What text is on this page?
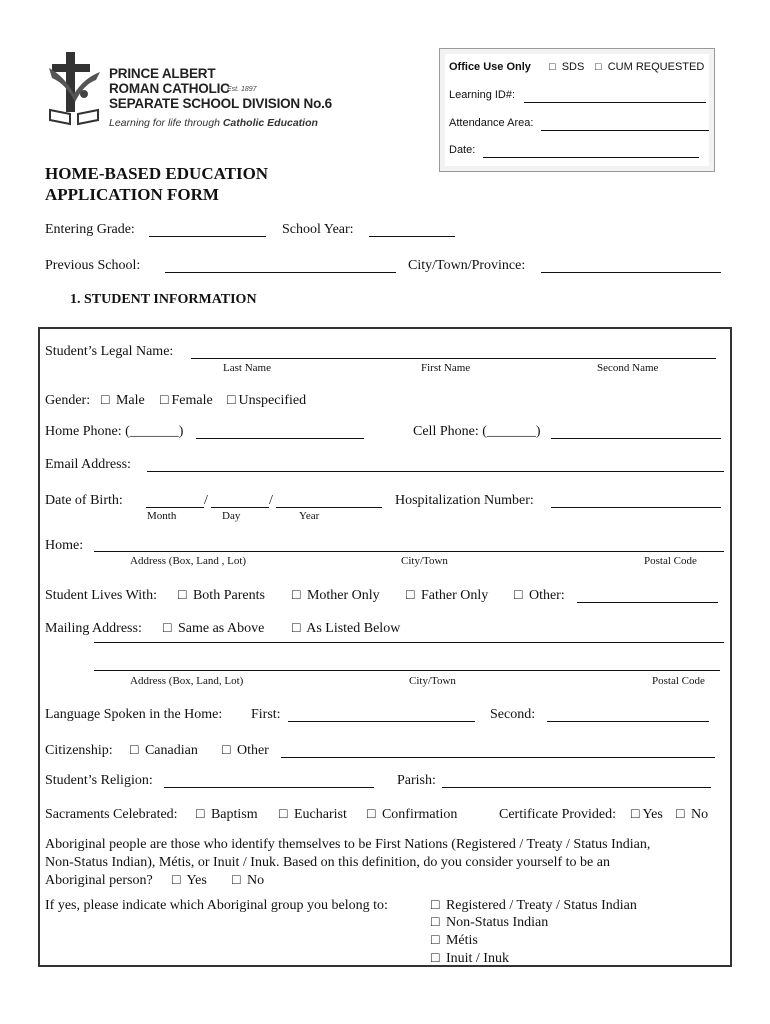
PRINCE ALBERT
ROMAN CATHOLIC
Est. 1897
SEPARATE SCHOOL DIVISION No.6
Learning for life through Catholic Education
Office Use Only □	SDS □	CUM REQUESTED
Learning ID#:
Attendance Area:
Date:
HOME-BASED EDUCATION
APPLICATION FORM
Entering Grade:	School Year:
Previous School:	City/Town/Province:
1. STUDENT INFORMATION
Student’s Legal Name:
Last Name	First Name	Second Name
Gender: □	Male □	Female □	Unspecified
Home Phone: (_______)	Cell Phone: (_______)
Email Address:
Date of Birth:	/	/
Month	Day	Year
Hospitalization Number:
Home:
Address (Box, Land , Lot)	City/Town	Postal Code
Student Lives With: □	Both Parents □	Mother Only □	Father Only □	Other:
Mailing Address: □	Same as Above □	As Listed Below
Address (Box, Land, Lot)	City/Town	Postal Code
Language Spoken in the Home: First:	Second:
Citizenship: □	Canadian □	Other
Student’s Religion:	Parish:
Sacraments Celebrated: □	Baptism □	Eucharist □	Confirmation	Certificate Provided: □	Yes □	No
Aboriginal people are those who identify themselves to be First Nations (Registered / Treaty / Status Indian,
Non-Status Indian), Métis, or Inuit / Inuk. Based on this definition, do you consider yourself to be an
Aboriginal person? □	Yes □	No
If yes, please indicate which Aboriginal group you belong to: □	Registered / Treaty / Status Indian
□ Non-Status Indian
□ Métis
□ Inuit / Inuk
